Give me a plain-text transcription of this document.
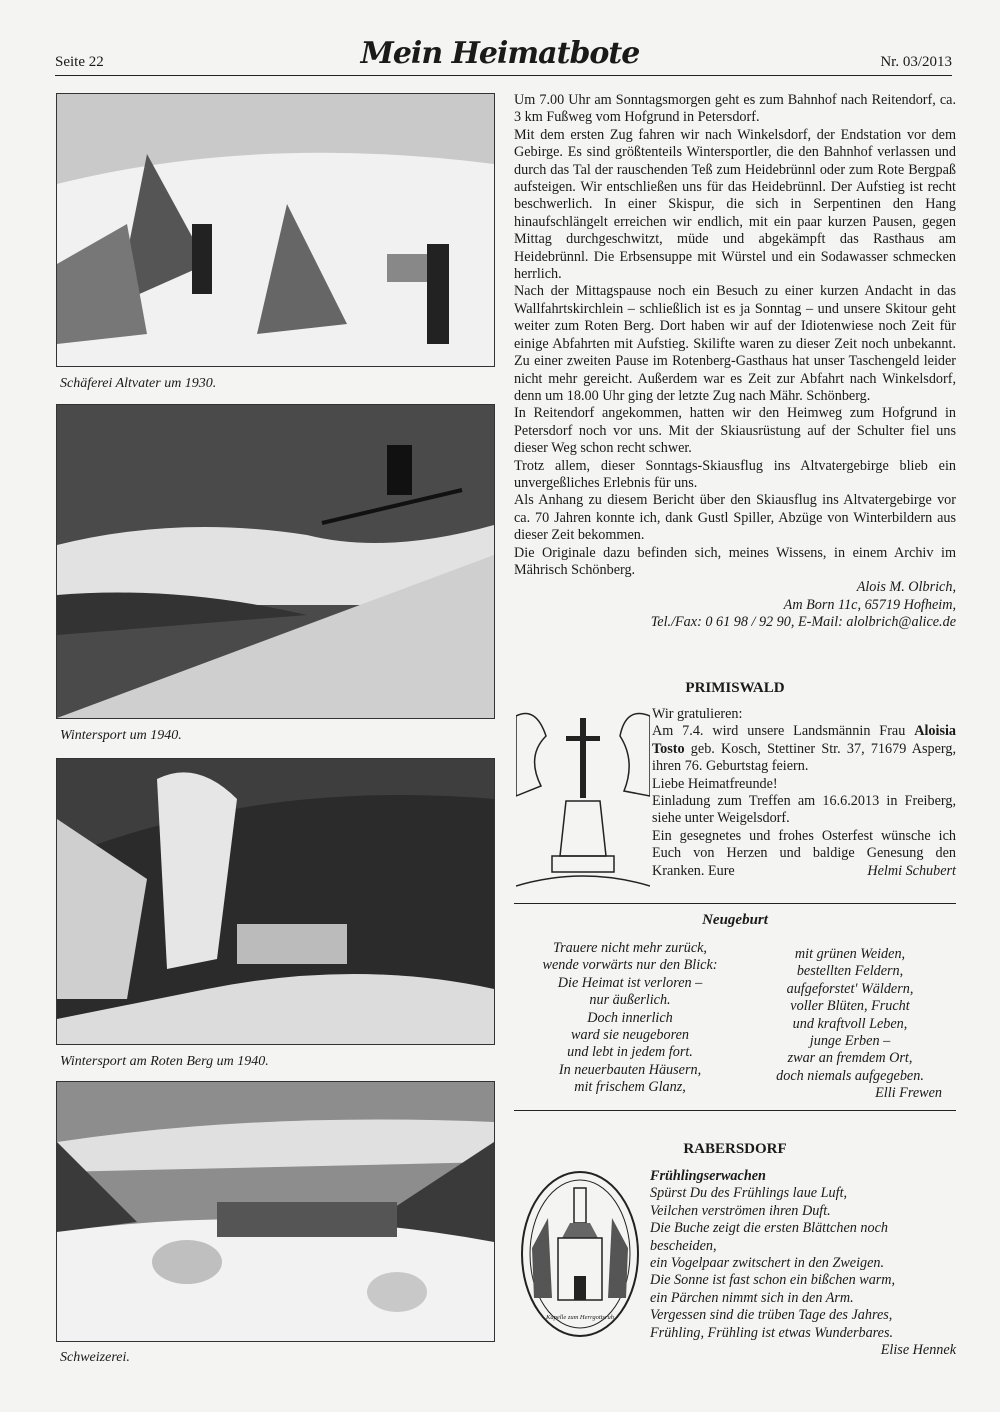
Seite 22	Mein Heimatbote	Nr. 03/2013
Schäferei Altvater um 1930.
Wintersport um 1940.
Wintersport am Roten Berg um 1940.
Schweizerei.

Um 7.00 Uhr am Sonntagsmorgen geht es zum Bahnhof nach Reitendorf, ca. 3 km Fußweg vom Hofgrund in Petersdorf.

Mit dem ersten Zug fahren wir nach Winkelsdorf, der Endstation vor dem Gebirge. Es sind größtenteils Wintersportler, die den Bahnhof verlassen und durch das Tal der rauschenden Teß zum Heidebrünnl oder zum Rote Bergpaß aufsteigen. Wir entschließen uns für das Heidebrünnl. Der Aufstieg ist recht beschwerlich. In einer Skispur, die sich in Serpentinen den Hang hinaufschlängelt erreichen wir endlich, mit ein paar kurzen Pausen, gegen Mittag durchgeschwitzt, müde und abgekämpft das Rasthaus am Heidebrünnl. Die Erbsensuppe mit Würstel und ein Sodawasser schmecken herrlich.

Nach der Mittagspause noch ein Besuch zu einer kurzen Andacht in das Wallfahrtskirchlein – schließlich ist es ja Sonntag – und unsere Skitour geht weiter zum Roten Berg. Dort haben wir auf der Idiotenwiese noch Zeit für einige Abfahrten mit Aufstieg. Skilifte waren zu dieser Zeit noch unbekannt. Zu einer zweiten Pause im Rotenberg-Gasthaus hat unser Taschengeld leider nicht mehr gereicht. Außerdem war es Zeit zur Abfahrt nach Winkelsdorf, denn um 18.00 Uhr ging der letzte Zug nach Mähr. Schönberg.

In Reitendorf angekommen, hatten wir den Heimweg zum Hofgrund in Petersdorf noch vor uns. Mit der Skiausrüstung auf der Schulter fiel uns dieser Weg schon recht schwer.

Trotz allem, dieser Sonntags-Skiausflug ins Altvatergebirge blieb ein unvergeßliches Erlebnis für uns.

Als Anhang zu diesem Bericht über den Skiausflug ins Altvatergebirge vor ca. 70 Jahren konnte ich, dank Gustl Spiller, Abzüge von Winterbildern aus dieser Zeit bekommen.

Die Originale dazu befinden sich, meines Wissens, in einem Archiv im Mährisch Schönberg.

Alois M. Olbrich,

Am Born 11c, 65719 Hofheim,

Tel./Fax: 0 61 98 / 92 90, E-Mail: alolbrich@alice.de

PRIMISWALD

Wir gratulieren:

Am 7.4. wird unsere Landsmännin Frau Aloisia Tosto geb. Kosch, Stettiner Str. 37, 71679 Asperg, ihren 76. Geburtstag feiern.

Liebe Heimatfreunde!

Einladung zum Treffen am 16.6.2013 in Freiberg, siehe unter Weigelsdorf.

Ein gesegnetes und frohes Osterfest wünsche ich Euch von Herzen und baldige Genesung den Kranken. Eure	Helmi Schubert

Neugeburt
Trauere nicht mehr zurück,
wende vorwärts nur den Blick:
Die Heimat ist verloren –
nur äußerlich.
Doch innerlich
ward sie neugeboren
und lebt in jedem fort.
In neuerbauten Häusern,
mit frischem Glanz,
mit grünen Weiden,
bestellten Feldern,
aufgeforstet' Wäldern,
voller Blüten, Frucht
und kraftvoll Leben,
junge Erben –
zwar an fremdem Ort,
doch niemals aufgegeben.
Elli Frewen
RABERSDORF
Kapelle zum Herrgottsruh

Frühlingserwachen

Spürst Du des Frühlings laue Luft,

Veilchen verströmen ihren Duft.

Die Buche zeigt die ersten Blättchen noch bescheiden,

ein Vogelpaar zwitschert in den Zweigen.

Die Sonne ist fast schon ein bißchen warm,

ein Pärchen nimmt sich in den Arm.

Vergessen sind die trüben Tage des Jahres,

Frühling, Frühling ist etwas Wunderbares.

Elise Hennek
